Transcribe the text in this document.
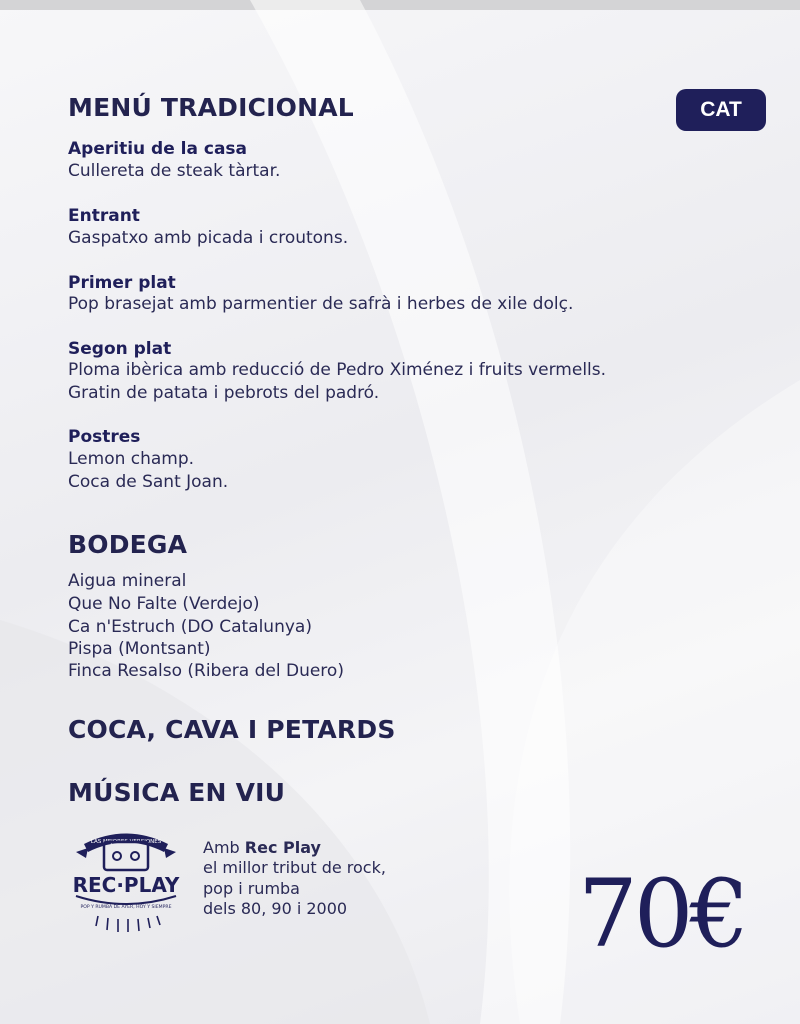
CAT
MENÚ TRADICIONAL
Aperitiu de la casa
Cullereta de steak tàrtar.
Entrant
Gaspatxo amb picada i croutons.
Primer plat
Pop brasejat amb parmentier de safrà i herbes de xile dolç.
Segon plat
Ploma ibèrica amb reducció de Pedro Ximénez i fruits vermells.
Gratin de patata i pebrots del padró.
Postres
Lemon champ.
Coca de Sant Joan.
BODEGA
Aigua mineral
Que No Falte (Verdejo)
Ca n'Estruch (DO Catalunya)
Pispa (Montsant)
Finca Resalso (Ribera del Duero)
COCA, CAVA I PETARDS
MÚSICA EN VIU
LAS MEJORES VERSIONES
REC·PLAY
POP Y RUMBA DE AYER, HOY Y SIEMPRE
Amb Rec Play
el millor tribut de rock,
pop i rumba
dels 80, 90 i 2000 70€
